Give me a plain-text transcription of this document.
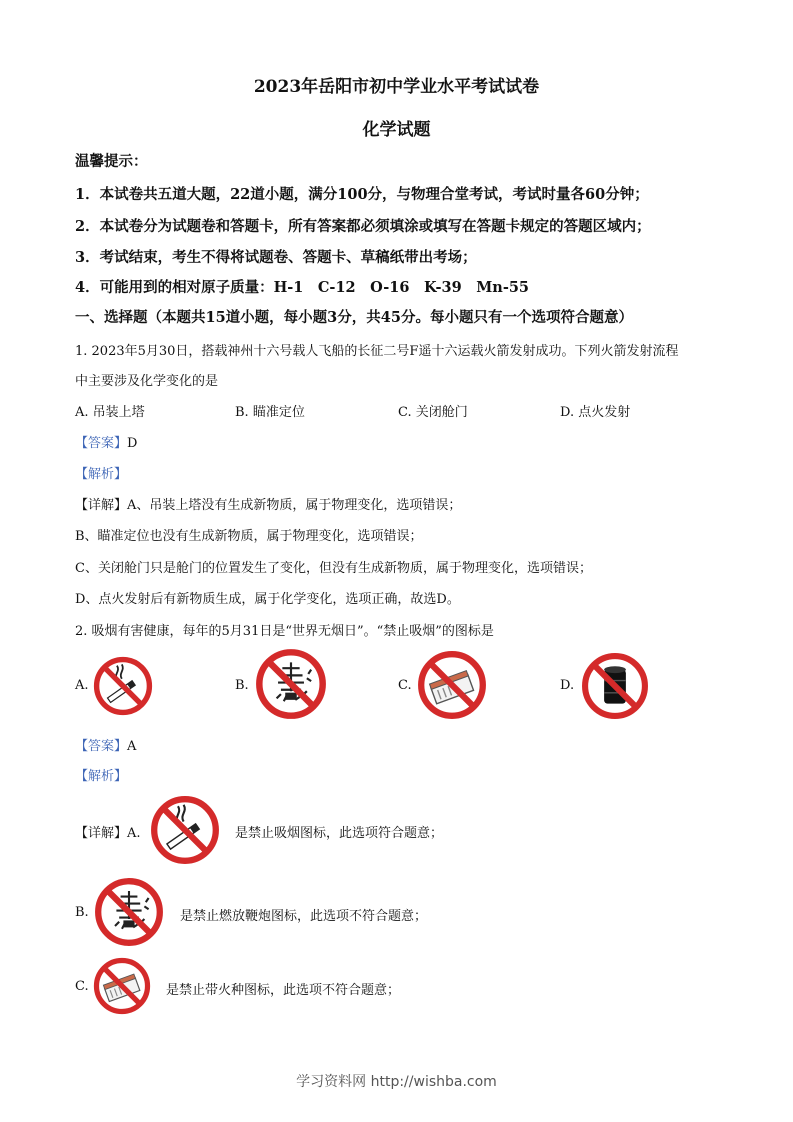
2023年岳阳市初中学业水平考试试卷
化学试题
温馨提示：
1．本试卷共五道大题，22道小题，满分100分，与物理合堂考试，考试时量各60分钟；
2．本试卷分为试题卷和答题卡，所有答案都必须填涂或填写在答题卡规定的答题区域内；
3．考试结束，考生不得将试题卷、答题卡、草稿纸带出考场；
4．可能用到的相对原子质量：H-1　C-12　O-16　K-39　Mn-55
一、选择题（本题共15道小题，每小题3分，共45分。每小题只有一个选项符合题意）
1. 2023年5月30日，搭载神州十六号载人飞船的长征二号F遥十六运载火箭发射成功。下列火箭发射流程
中主要涉及化学变化的是
A. 吊装上塔	B. 瞄准定位	C. 关闭舱门	D. 点火发射
【答案】D
【解析】
【详解】A、吊装上塔没有生成新物质，属于物理变化，选项错误；
B、瞄准定位也没有生成新物质，属于物理变化，选项错误；
C、关闭舱门只是舱门的位置发生了变化，但没有生成新物质，属于物理变化，选项错误；
D、点火发射后有新物质生成，属于化学变化，选项正确，故选D。
2. 吸烟有害健康，每年的5月31日是“世界无烟日”。“禁止吸烟”的图标是
A.	B.	C.	D.
【答案】A
【解析】
【详解】A.	是禁止吸烟图标，此选项符合题意；
B.	是禁止燃放鞭炮图标，此选项不符合题意；
C.	是禁止带火种图标，此选项不符合题意；
学习资料网 http://wishba.com
